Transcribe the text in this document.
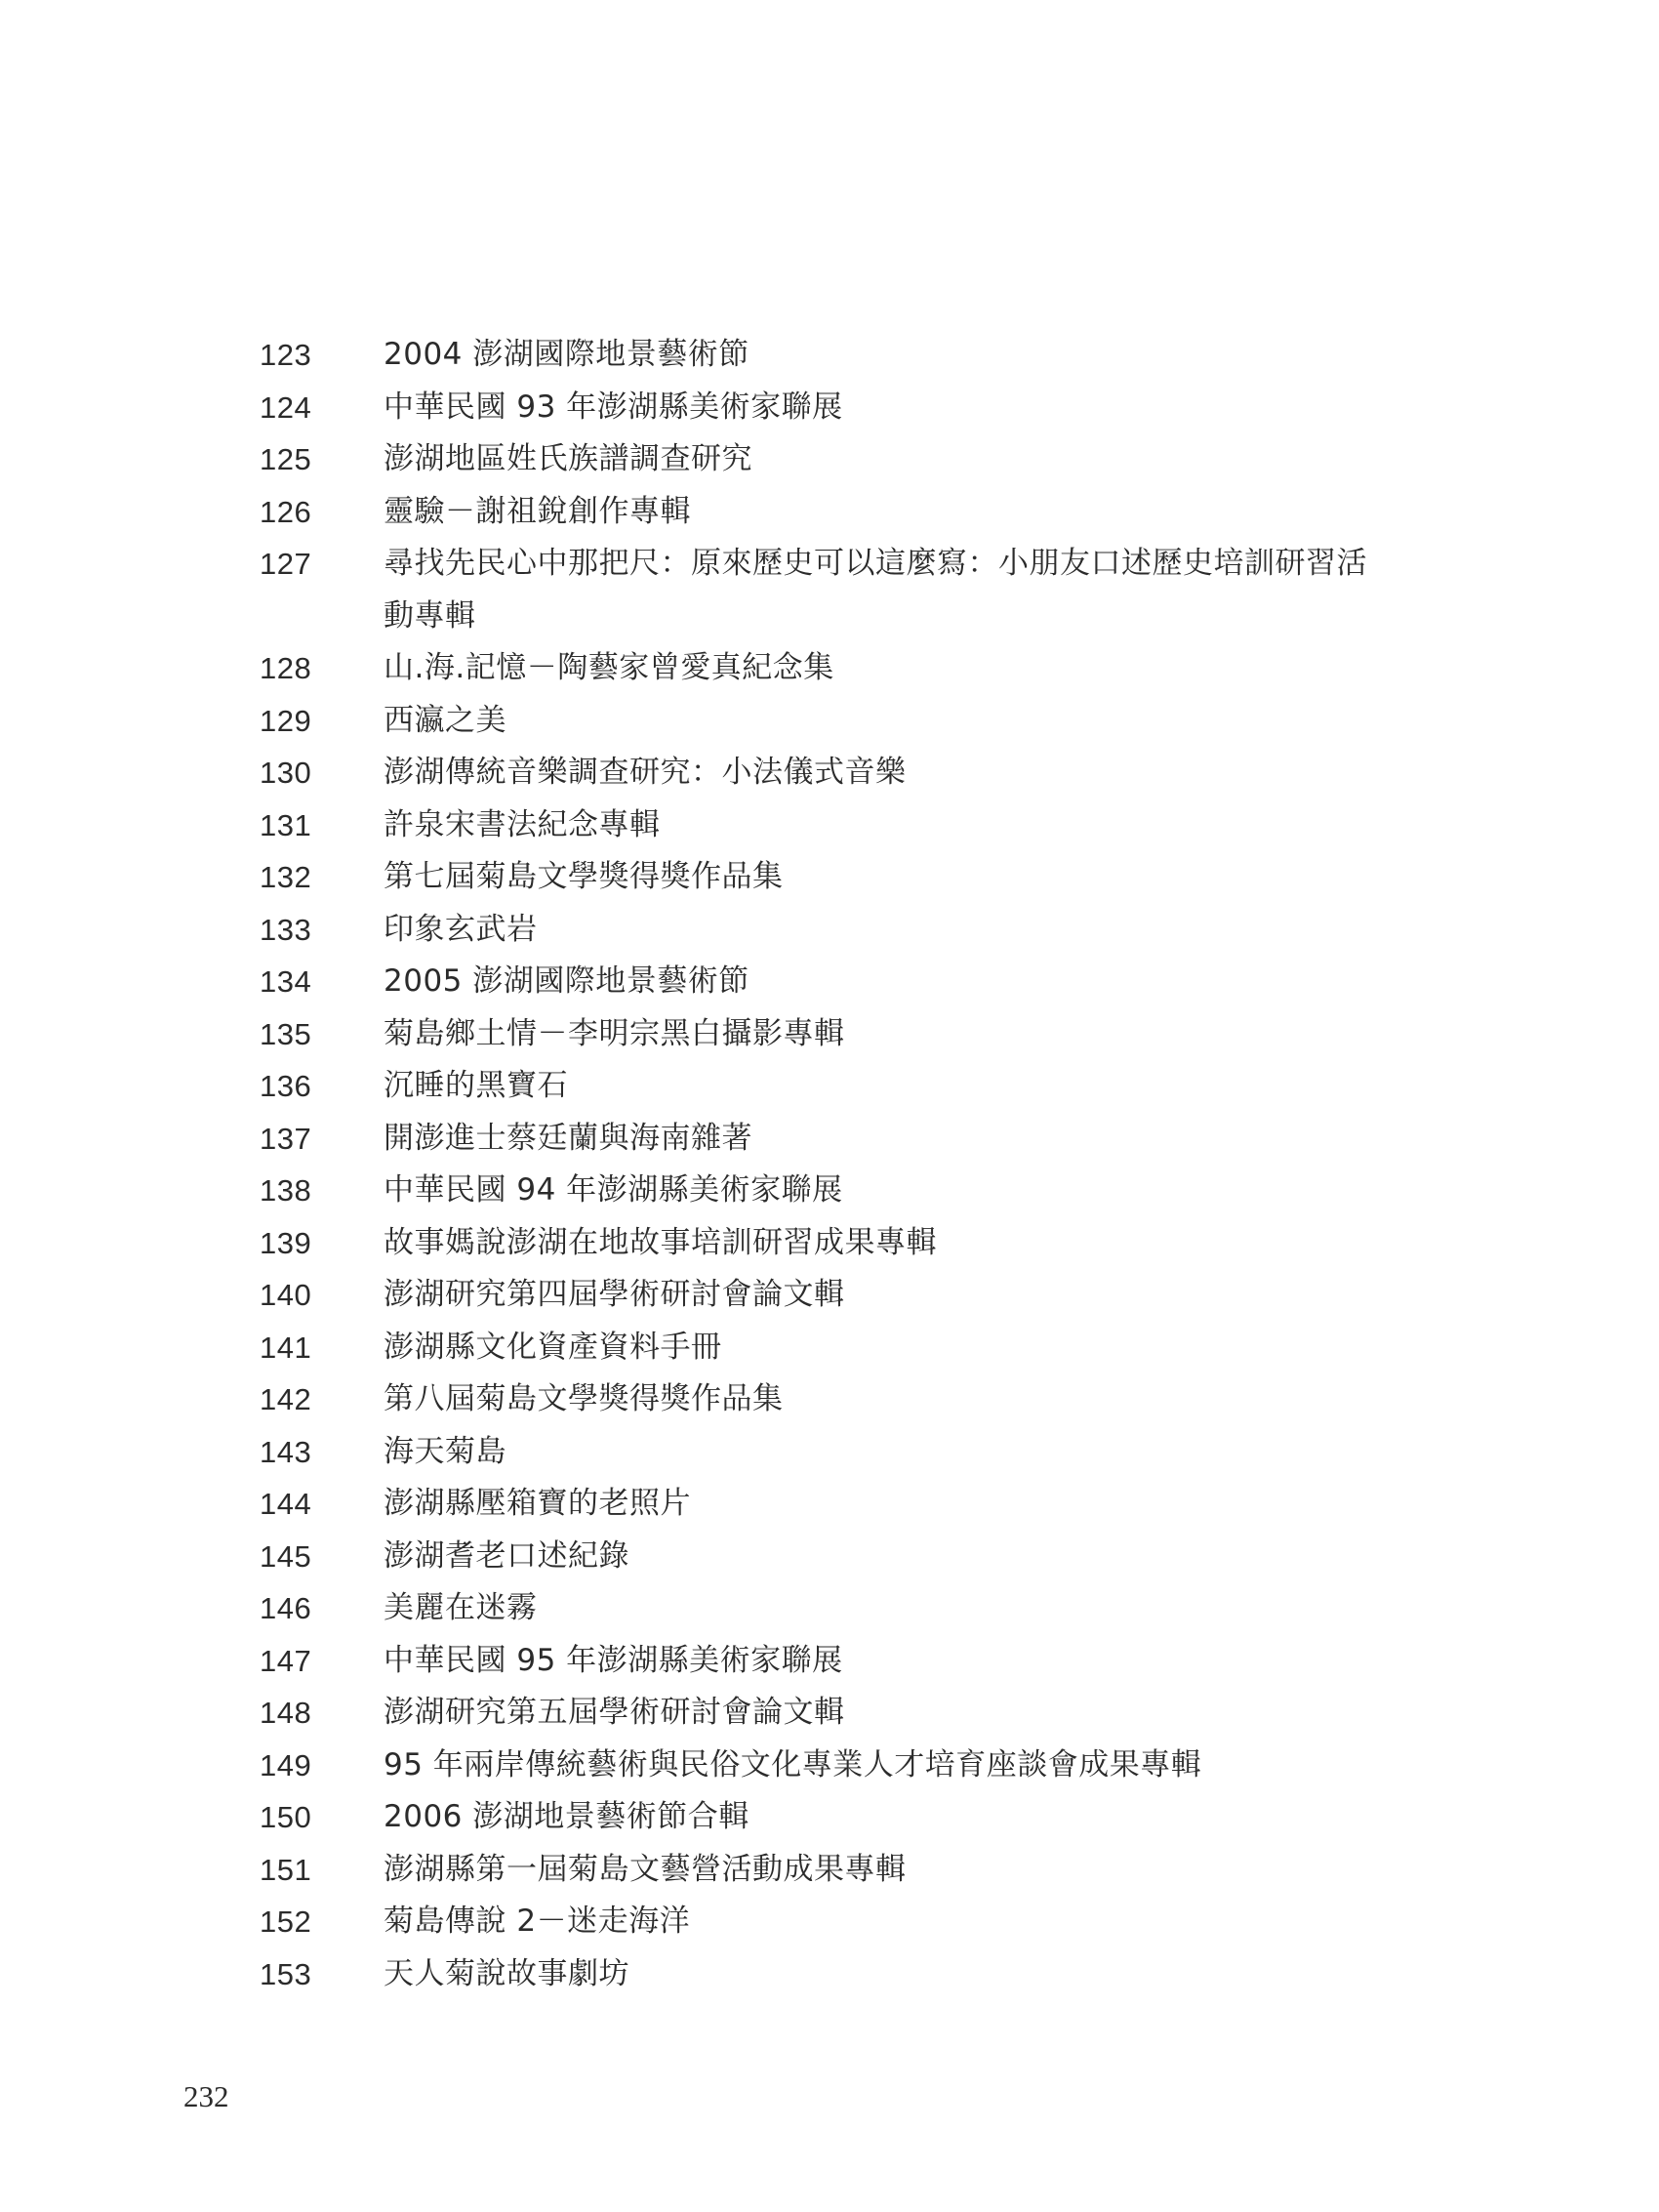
123	2004 澎湖國際地景藝術節
124	中華民國 93 年澎湖縣美術家聯展
125	澎湖地區姓氏族譜調查研究
126	靈驗－謝祖銳創作專輯
127	尋找先民心中那把尺：原來歷史可以這麼寫：小朋友口述歷史培訓研習活動專輯
128	山.海.記憶－陶藝家曾愛真紀念集
129	西瀛之美
130	澎湖傳統音樂調查研究：小法儀式音樂
131	許泉宋書法紀念專輯
132	第七屆菊島文學獎得獎作品集
133	印象玄武岩
134	2005 澎湖國際地景藝術節
135	菊島鄉土情－李明宗黑白攝影專輯
136	沉睡的黑寶石
137	開澎進士蔡廷蘭與海南雜著
138	中華民國 94 年澎湖縣美術家聯展
139	故事媽說澎湖在地故事培訓研習成果專輯
140	澎湖研究第四屆學術研討會論文輯
141	澎湖縣文化資產資料手冊
142	第八屆菊島文學獎得獎作品集
143	海天菊島
144	澎湖縣壓箱寶的老照片
145	澎湖耆老口述紀錄
146	美麗在迷霧
147	中華民國 95 年澎湖縣美術家聯展
148	澎湖研究第五屆學術研討會論文輯
149	95 年兩岸傳統藝術與民俗文化專業人才培育座談會成果專輯
150	2006 澎湖地景藝術節合輯
151	澎湖縣第一屆菊島文藝營活動成果專輯
152	菊島傳說 2－迷走海洋
153	天人菊說故事劇坊
232
